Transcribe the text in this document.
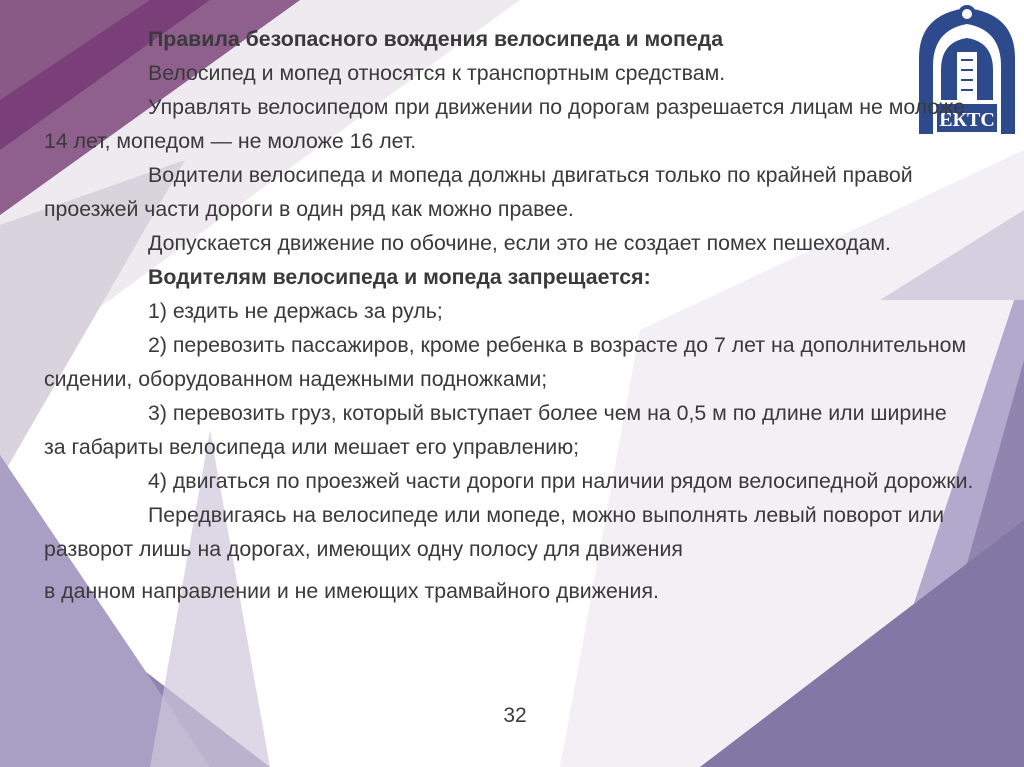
ЕКТС

Правила безопасного вождения велосипеда и мопеда

Велосипед и мопед относятся к транспортным средствам.

Управлять велосипедом при движении по дорогам разрешается лицам не моложе 14 лет, мопедом — не моложе 16 лет.

Водители велосипеда и мопеда должны двигаться только по крайней правой проезжей части дороги в один ряд как можно правее.

Допускается движение по обочине, если это не создает помех пешеходам.

Водителям велосипеда и мопеда запрещается:

1) ездить не держась за руль;

2) перевозить пассажиров, кроме ребенка в возрасте до 7 лет на дополнительном сидении, оборудованном надежными подножками;

3) перевозить груз, который выступает более чем на 0,5 м по длине или ширине за габариты велосипеда или мешает его управлению;

4) двигаться по проезжей части дороги при наличии рядом велосипедной дорожки.

Передвигаясь на велосипеде или мопеде, можно выполнять левый поворот или разворот лишь на дорогах, имеющих одну полосу для движения

в данном направлении и не имеющих трамвайного движения.

32
